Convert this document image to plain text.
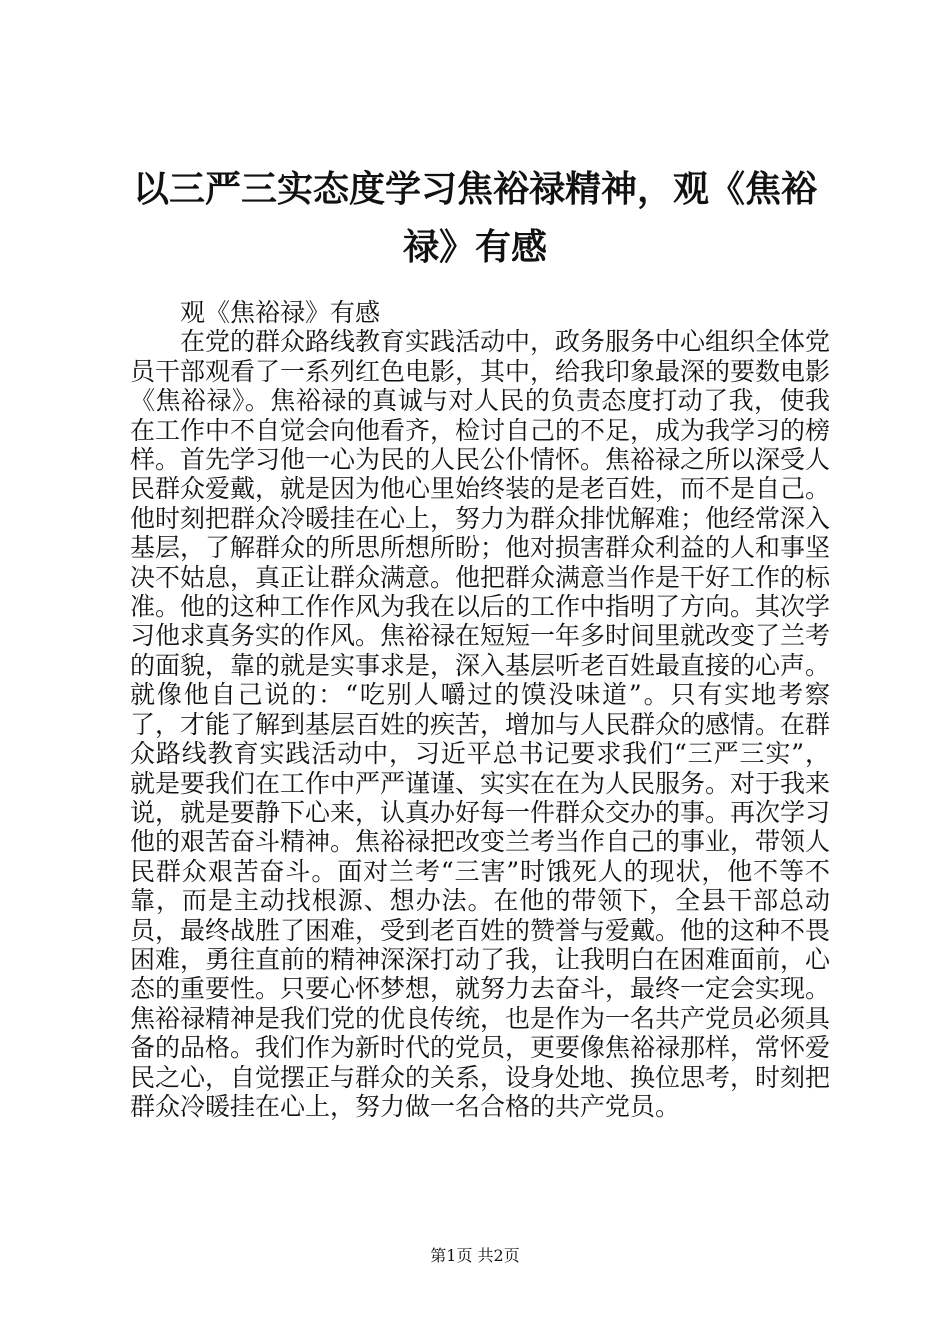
以三严三实态度学习焦裕禄精神，观《焦裕
禄》有感

观《焦裕禄》有感

在党的群众路线教育实践活动中，政务服务中心组织全体党员干部观看了一系列红色电影，其中，给我印象最深的要数电影《焦裕禄》。焦裕禄的真诚与对人民的负责态度打动了我，使我在工作中不自觉会向他看齐，检讨自己的不足，成为我学习的榜样。首先学习他一心为民的人民公仆情怀。焦裕禄之所以深受人民群众爱戴，就是因为他心里始终装的是老百姓，而不是自己。他时刻把群众冷暖挂在心上，努力为群众排忧解难；他经常深入基层，了解群众的所思所想所盼；他对损害群众利益的人和事坚决不姑息，真正让群众满意。他把群众满意当作是干好工作的标准。他的这种工作作风为我在以后的工作中指明了方向。其次学习他求真务实的作风。焦裕禄在短短一年多时间里就改变了兰考的面貌，靠的就是实事求是，深入基层听老百姓最直接的心声。就像他自己说的：“吃别人嚼过的馍没味道”。只有实地考察了，才能了解到基层百姓的疾苦，增加与人民群众的感情。在群众路线教育实践活动中，习近平总书记要求我们“三严三实”，就是要我们在工作中严严谨谨、实实在在为人民服务。对于我来说，就是要静下心来，认真办好每一件群众交办的事。再次学习他的艰苦奋斗精神。焦裕禄把改变兰考当作自己的事业，带领人民群众艰苦奋斗。面对兰考“三害”时饿死人的现状，他不等不靠，而是主动找根源、想办法。在他的带领下，全县干部总动员，最终战胜了困难，受到老百姓的赞誉与爱戴。他的这种不畏困难，勇往直前的精神深深打动了我，让我明白在困难面前，心态的重要性。只要心怀梦想，就努力去奋斗，最终一定会实现。焦裕禄精神是我们党的优良传统，也是作为一名共产党员必须具备的品格。我们作为新时代的党员，更要像焦裕禄那样，常怀爱民之心，自觉摆正与群众的关系，设身处地、换位思考，时刻把群众冷暖挂在心上，努力做一名合格的共产党员。

第1页 共2页
